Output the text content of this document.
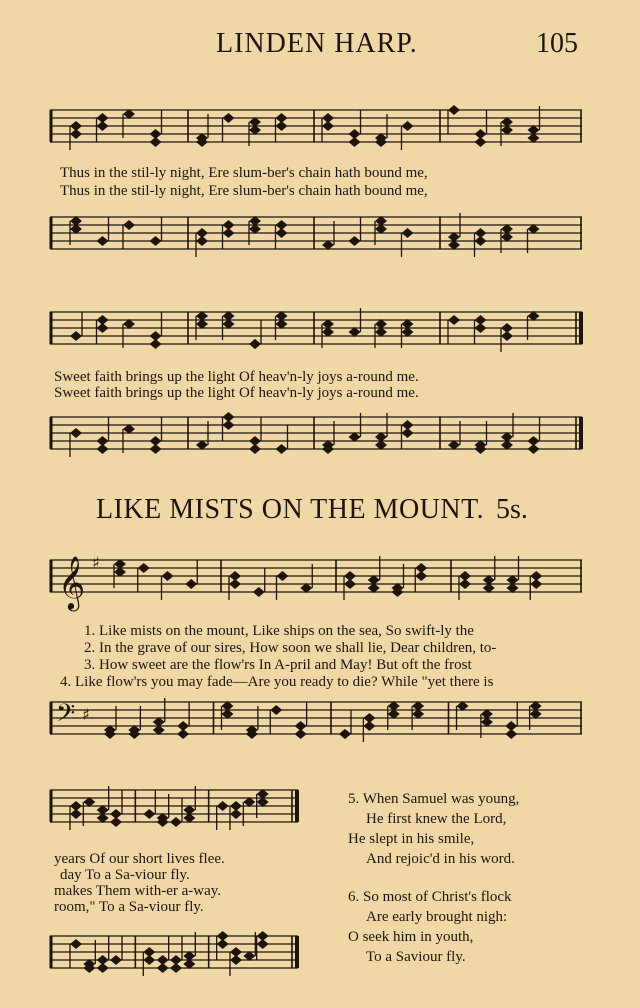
LINDEN HARP.	105
Thus in the stil-ly night, Ere slum-ber's chain hath bound me,
Thus in the stil-ly night, Ere slum-ber's chain hath bound me,
Sweet faith brings up the light Of heav'n-ly joys a-round me.
Sweet faith brings up the light Of heav'n-ly joys a-round me.
LIKE MISTS ON THE MOUNT. 5s.
𝄞 ♯
1. Like mists on the mount, Like ships on the sea, So swift-ly the
2. In the grave of our sires, How soon we shall lie, Dear children, to-
3. How sweet are the flow'rs In A-pril and May! But oft the frost
4. Like flow'rs you may fade—Are you ready to die? While "yet there is
𝄢 ♯
years Of our short lives flee.
day To a Sa-viour fly.
makes Them with-er a-way.
room," To a Sa-viour fly.
5. When Samuel was young,
He first knew the Lord,
He slept in his smile,
And rejoic'd in his word.
6. So most of Christ's flock
Are early brought nigh:
O seek him in youth,
To a Saviour fly.
